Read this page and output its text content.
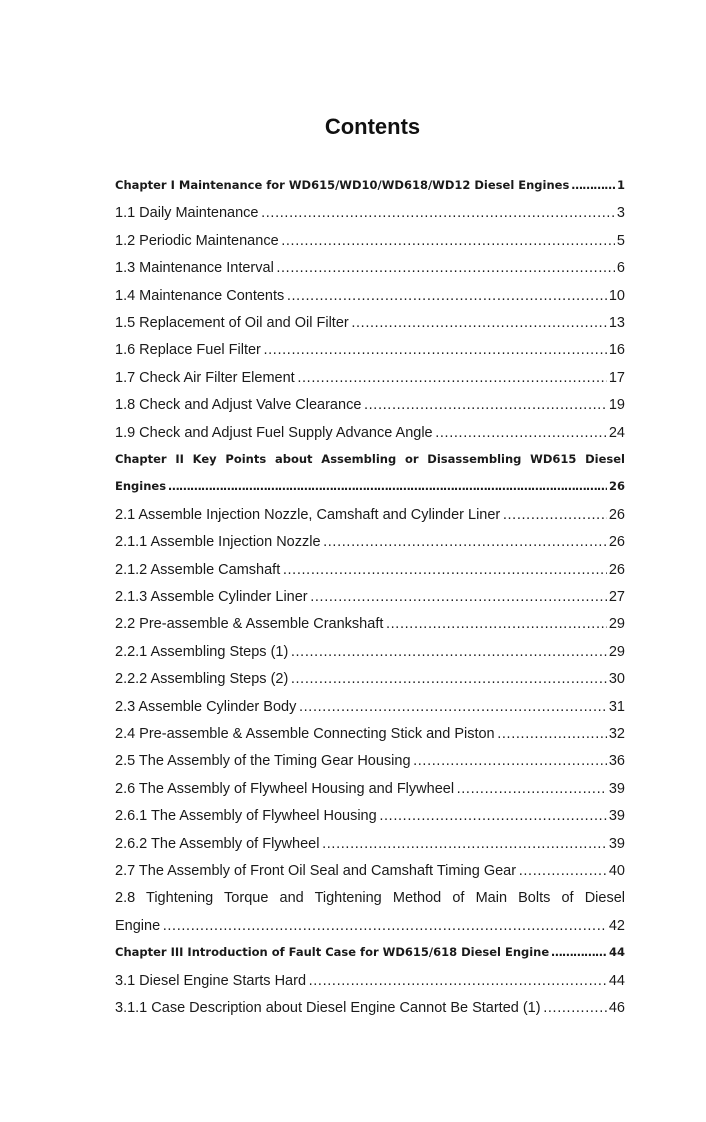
Contents
Chapter I Maintenance for WD615/WD10/WD618/WD12 Diesel Engines ……………………………………………………………………………………………………………………………………	1
1.1 Daily Maintenance ……………………………………………………………………………………………………………………………………	3
1.2 Periodic Maintenance ……………………………………………………………………………………………………………………………………	5
1.3 Maintenance Interval ……………………………………………………………………………………………………………………………………	6
1.4 Maintenance Contents ……………………………………………………………………………………………………………………………………	10
1.5 Replacement of Oil and Oil Filter ……………………………………………………………………………………………………………………………………	13
1.6 Replace Fuel Filter ……………………………………………………………………………………………………………………………………	16
1.7 Check Air Filter Element ……………………………………………………………………………………………………………………………………	17
1.8 Check and Adjust Valve Clearance ……………………………………………………………………………………………………………………………………	19
1.9 Check and Adjust Fuel Supply Advance Angle ……………………………………………………………………………………………………………………………………	24
Chapter II Key Points about Assembling or Disassembling WD615 Diesel
Engines ……………………………………………………………………………………………………………………………………	26
2.1 Assemble Injection Nozzle, Camshaft and Cylinder Liner ……………………………………………………………………………………………………………………………………	26
2.1.1 Assemble Injection Nozzle ……………………………………………………………………………………………………………………………………	26
2.1.2 Assemble Camshaft ……………………………………………………………………………………………………………………………………	26
2.1.3 Assemble Cylinder Liner ……………………………………………………………………………………………………………………………………	27
2.2 Pre-assemble & Assemble Crankshaft ……………………………………………………………………………………………………………………………………	29
2.2.1 Assembling Steps (1) ……………………………………………………………………………………………………………………………………	29
2.2.2 Assembling Steps (2) ……………………………………………………………………………………………………………………………………	30
2.3 Assemble Cylinder Body ……………………………………………………………………………………………………………………………………	31
2.4 Pre-assemble & Assemble Connecting Stick and Piston ……………………………………………………………………………………………………………………………………	32
2.5 The Assembly of the Timing Gear Housing ……………………………………………………………………………………………………………………………………	36
2.6 The Assembly of Flywheel Housing and Flywheel ……………………………………………………………………………………………………………………………………	39
2.6.1 The Assembly of Flywheel Housing ……………………………………………………………………………………………………………………………………	39
2.6.2 The Assembly of Flywheel ……………………………………………………………………………………………………………………………………	39
2.7 The Assembly of Front Oil Seal and Camshaft Timing Gear ……………………………………………………………………………………………………………………………………	40
2.8 Tightening Torque and Tightening Method of Main Bolts of Diesel
Engine ……………………………………………………………………………………………………………………………………	42
Chapter III Introduction of Fault Case for WD615/618 Diesel Engine ……………………………………………………………………………………………………………………………………	44
3.1 Diesel Engine Starts Hard ……………………………………………………………………………………………………………………………………	44
3.1.1 Case Description about Diesel Engine Cannot Be Started (1) ……………………………………………………………………………………………………………………………………	46
